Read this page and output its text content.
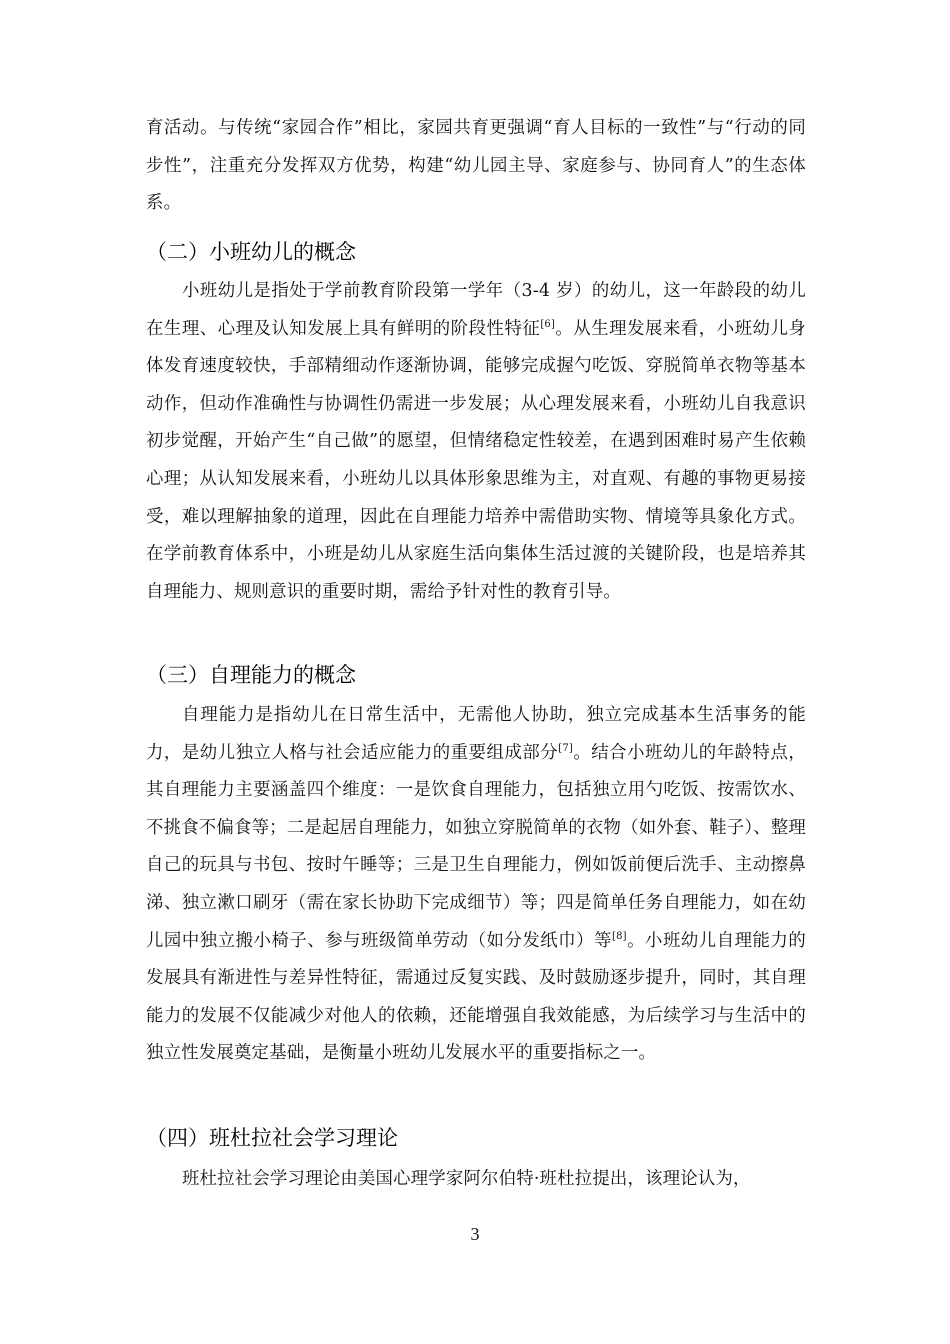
育活动。与传统“家园合作”相比，家园共育更强调“育人目标的一致性”与“行动的同步性”，注重充分发挥双方优势，构建“幼儿园主导、家庭参与、协同育人”的生态体系。

（二）小班幼儿的概念

小班幼儿是指处于学前教育阶段第一学年（3-4 岁）的幼儿，这一年龄段的幼儿在生理、心理及认知发展上具有鲜明的阶段性特征[6]。从生理发展来看，小班幼儿身体发育速度较快，手部精细动作逐渐协调，能够完成握勺吃饭、穿脱简单衣物等基本动作，但动作准确性与协调性仍需进一步发展；从心理发展来看，小班幼儿自我意识初步觉醒，开始产生“自己做”的愿望，但情绪稳定性较差，在遇到困难时易产生依赖心理；从认知发展来看，小班幼儿以具体形象思维为主，对直观、有趣的事物更易接受，难以理解抽象的道理，因此在自理能力培养中需借助实物、情境等具象化方式。在学前教育体系中，小班是幼儿从家庭生活向集体生活过渡的关键阶段，也是培养其自理能力、规则意识的重要时期，需给予针对性的教育引导。

（三）自理能力的概念

自理能力是指幼儿在日常生活中，无需他人协助，独立完成基本生活事务的能力，是幼儿独立人格与社会适应能力的重要组成部分[7]。结合小班幼儿的年龄特点，其自理能力主要涵盖四个维度：一是饮食自理能力，包括独立用勺吃饭、按需饮水、不挑食不偏食等；二是起居自理能力，如独立穿脱简单的衣物（如外套、鞋子）、整理自己的玩具与书包、按时午睡等；三是卫生自理能力，例如饭前便后洗手、主动擦鼻涕、独立漱口刷牙（需在家长协助下完成细节）等；四是简单任务自理能力，如在幼儿园中独立搬小椅子、参与班级简单劳动（如分发纸巾）等[8]。小班幼儿自理能力的发展具有渐进性与差异性特征，需通过反复实践、及时鼓励逐步提升，同时，其自理能力的发展不仅能减少对他人的依赖，还能增强自我效能感，为后续学习与生活中的独立性发展奠定基础，是衡量小班幼儿发展水平的重要指标之一。

（四）班杜拉社会学习理论

班杜拉社会学习理论由美国心理学家阿尔伯特·班杜拉提出，该理论认为，

3
